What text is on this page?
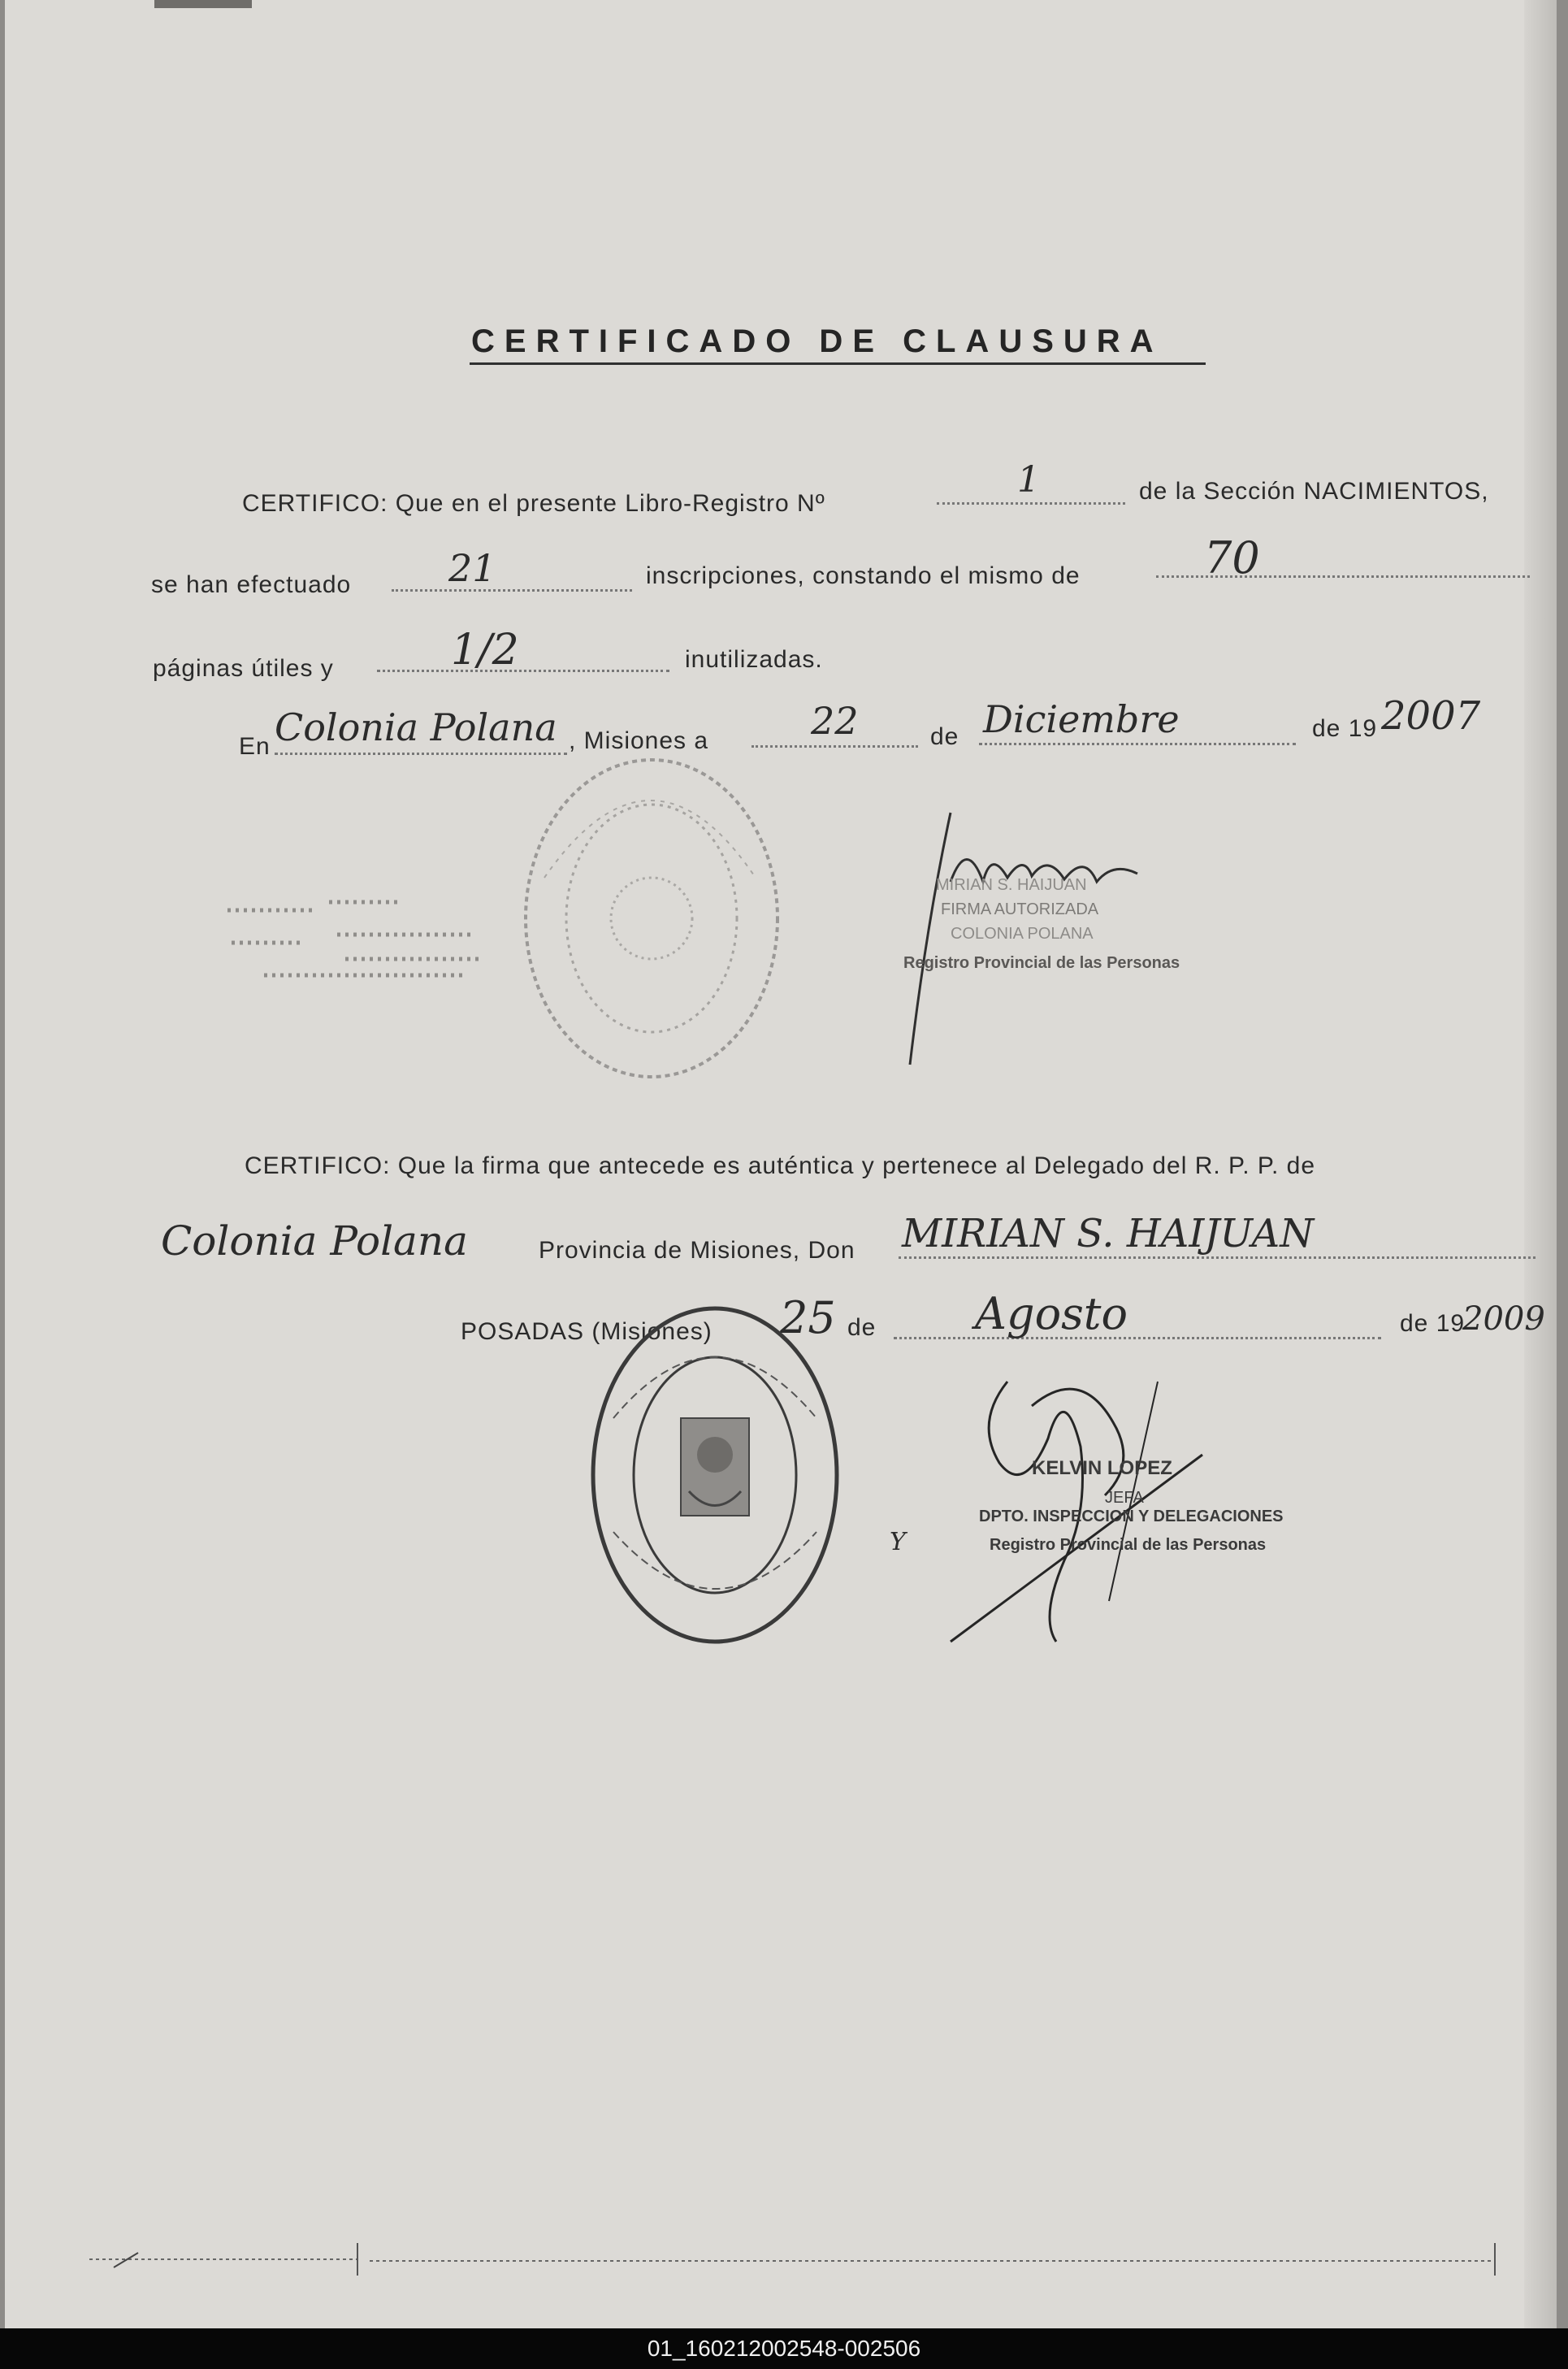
CERTIFICADO DE CLAUSURA
CERTIFICO: Que en el presente Libro-Registro Nº
1	de la Sección NACIMIENTOS,
se han efectuado	21	inscripciones, constando el mismo de	70
páginas útiles y	1/2	inutilizadas.
En Colonia Polana , Misiones a	22	de Diciembre	de 19 2007
MIRIAN S. HAIJUAN
FIRMA AUTORIZADA
COLONIA POLANA
Registro Provincial de las Personas
CERTIFICO: Que la firma que antecede es auténtica y pertenece al Delegado del R. P. P. de
Colonia Polana	Provincia de Misiones, Don MIRIAN S. HAIJUAN
POSADAS (Misiones) 25 de Agosto	de 19
2009
KELVIN LOPEZ
JEFA
DPTO. INSPECCION Y DELEGACIONES
Registro Provincial de las Personas
Y
01_160212002548-002506
